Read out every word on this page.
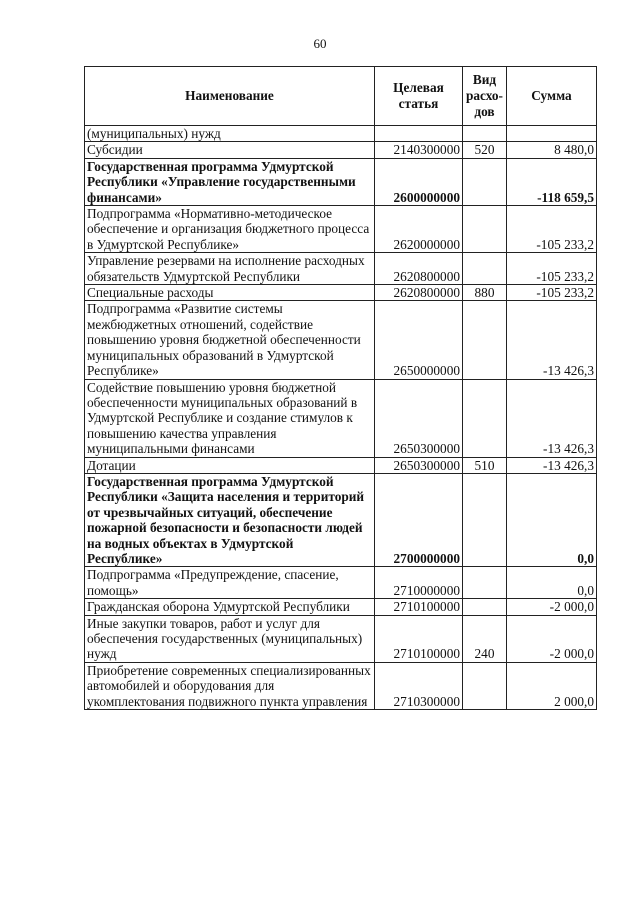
60
Наименование	Целевая статья	Вид расхо- дов	Сумма
(муниципальных) нужд			
Субсидии	2140300000	520	8 480,0
Государственная программа Удмуртской Республики «Управление государственными финансами»	2600000000		-118 659,5
Подпрограмма «Нормативно-методическое обеспечение и организация бюджетного процесса в Удмуртской Республике»	2620000000		-105 233,2
Управление резервами на исполнение расходных обязательств Удмуртской Республики	2620800000		-105 233,2
Специальные расходы	2620800000	880	-105 233,2
Подпрограмма «Развитие системы межбюджетных отношений, содействие повышению уровня бюджетной обеспеченности муниципальных образований в Удмуртской Республике»	2650000000		-13 426,3
Содействие повышению уровня бюджетной обеспеченности муниципальных образований в Удмуртской Республике и создание стимулов к повышению качества управления муниципальными финансами	2650300000		-13 426,3
Дотации	2650300000	510	-13 426,3
Государственная программа Удмуртской Республики «Защита населения и территорий от чрезвычайных ситуаций, обеспечение пожарной безопасности и безопасности людей на водных объектах в Удмуртской Республике»	2700000000		0,0
Подпрограмма «Предупреждение, спасение, помощь»	2710000000		0,0
Гражданская оборона Удмуртской Республики	2710100000		-2 000,0
Иные закупки товаров, работ и услуг для обеспечения государственных (муниципальных) нужд	2710100000	240	-2 000,0
Приобретение современных специализированных автомобилей и оборудования для укомплектования подвижного пункта управления	2710300000		2 000,0
